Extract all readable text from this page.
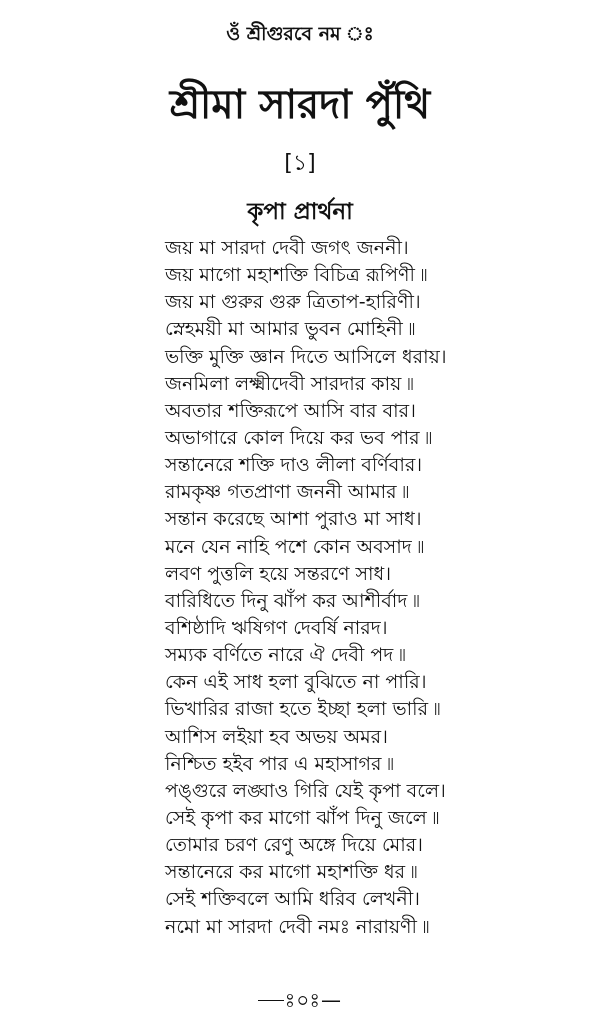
ওঁ শ্রীগুরবে নম ঃ
শ্রীমা সারদা পুঁথি
[১]
কৃপা প্রার্থনা
জয় মা সারদা দেবী জগৎ জননী।
জয় মাগো মহাশক্তি বিচিত্র রূপিণী ৷৷
জয় মা গুরুর গুরু ত্রিতাপ-হারিণী।
স্নেহময়ী মা আমার ভুবন মোহিনী ৷৷
ভক্তি মুক্তি জ্ঞান দিতে আসিলে ধরায়।
জনমিলা লক্ষ্মীদেবী সারদার কায় ৷৷
অবতার শক্তিরূপে আসি বার বার।
অভাগারে কোল দিয়ে কর ভব পার ৷৷
সন্তানেরে শক্তি দাও লীলা বর্ণিবার।
রামকৃষ্ণ গতপ্রাণা জননী আমার ৷৷
সন্তান করেছে আশা পুরাও মা সাধ।
মনে যেন নাহি পশে কোন অবসাদ ৷৷
লবণ পুত্তলি হয়ে সন্তরণে সাধ।
বারিধিতে দিনু ঝাঁপ কর আশীর্বাদ ৷৷
বশিষ্ঠাদি ঋষিগণ দেবর্ষি নারদ।
সম্যক বর্ণিতে নারে ঐ দেবী পদ ৷৷
কেন এই সাধ হলা বুঝিতে না পারি।
ভিখারির রাজা হতে ইচ্ছা হলা ভারি ৷৷
আশিস লইয়া হব অভয় অমর।
নিশ্চিত হইব পার এ মহাসাগর ৷৷
পঙ্গুরে লঙ্ঘাও গিরি যেই কৃপা বলে।
সেই কৃপা কর মাগো ঝাঁপ দিনু জলে ৷৷
তোমার চরণ রেণু অঙ্গে দিয়ে মোর।
সন্তানেরে কর মাগো মহাশক্তি ধর ৷৷
সেই শক্তিবলে আমি ধরিব লেখনী।
নমো মা সারদা দেবী নমঃ নারায়ণী ৷৷
—ঃ০ঃ—
